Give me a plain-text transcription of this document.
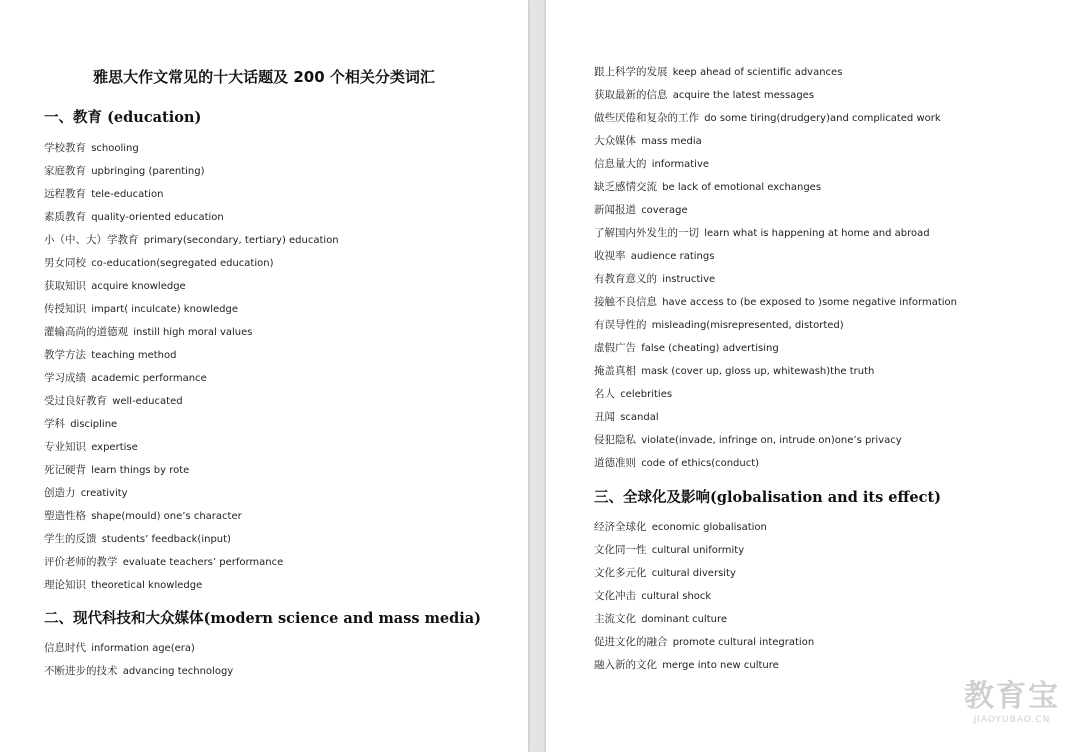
雅思大作文常见的十大话题及 200 个相关分类词汇
一、教育 (education)
学校教育 schooling
家庭教育 upbringing (parenting)
远程教育 tele-education
素质教育 quality-oriented education
小（中、大）学教育 primary(secondary, tertiary) education
男女同校 co-education(segregated education)
获取知识 acquire knowledge
传授知识 impart( inculcate) knowledge
灌输高尚的道德观 instill high moral values
教学方法 teaching method
学习成绩 academic performance
受过良好教育 well-educated
学科 discipline
专业知识 expertise
死记硬背 learn things by rote
创造力 creativity
塑造性格 shape(mould) one’s character
学生的反馈 students’ feedback(input)
评价老师的教学 evaluate teachers’ performance
理论知识 theoretical knowledge
二、现代科技和大众媒体(modern science and mass media)
信息时代 information age(era)
不断进步的技术 advancing technology
跟上科学的发展 keep ahead of scientific advances
获取最新的信息 acquire the latest messages
做些厌倦和复杂的工作 do some tiring(drudgery)and complicated work
大众媒体 mass media
信息量大的 informative
缺乏感情交流 be lack of emotional exchanges
新闻报道 coverage
了解国内外发生的一切 learn what is happening at home and abroad
收视率 audience ratings
有教育意义的 instructive
接触不良信息 have access to (be exposed to )some negative information
有误导性的 misleading(misrepresented, distorted)
虚假广告 false (cheating) advertising
掩盖真相 mask (cover up, gloss up, whitewash)the truth
名人 celebrities
丑闻 scandal
侵犯隐私 violate(invade, infringe on, intrude on)one’s privacy
道德准则 code of ethics(conduct)
三、全球化及影响(globalisation and its effect)
经济全球化 economic globalisation
文化同一性 cultural uniformity
文化多元化 cultural diversity
文化冲击 cultural shock
主流文化 dominant culture
促进文化的融合 promote cultural integration
融入新的文化 merge into new culture
教育宝
JIAOYUBAO.CN
